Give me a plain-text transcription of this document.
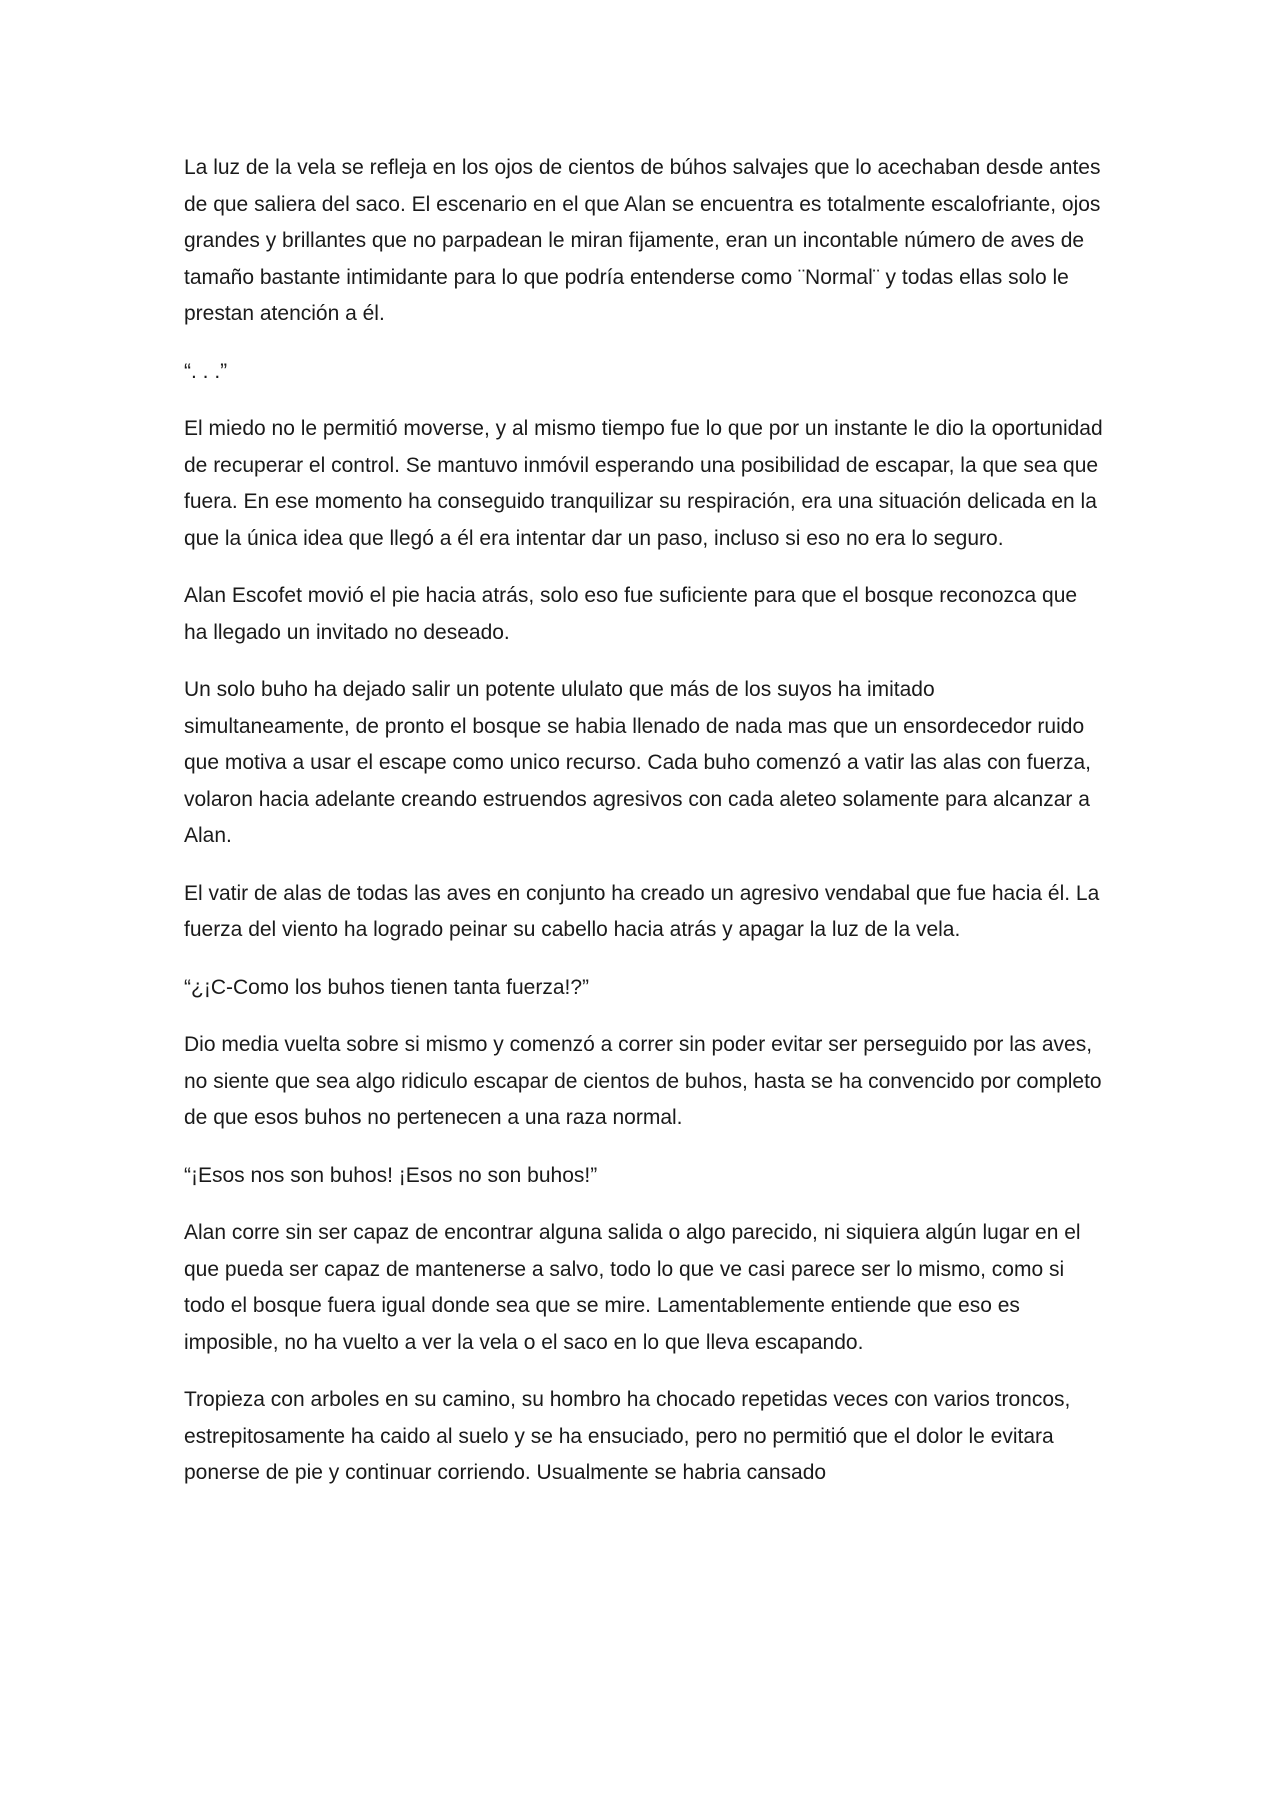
La luz de la vela se refleja en los ojos de cientos de búhos salvajes que lo acechaban desde antes de que saliera del saco. El escenario en el que Alan se encuentra es totalmente escalofriante, ojos grandes y brillantes que no parpadean le miran fijamente, eran un incontable número de aves de tamaño bastante intimidante para lo que podría entenderse como ¨Normal¨ y todas ellas solo le prestan atención a él.

“. . .”

El miedo no le permitió moverse, y al mismo tiempo fue lo que por un instante le dio la oportunidad de recuperar el control. Se mantuvo inmóvil esperando una posibilidad de escapar, la que sea que fuera. En ese momento ha conseguido tranquilizar su respiración, era una situación delicada en la que la única idea que llegó a él era intentar dar un paso, incluso si eso no era lo seguro.

Alan Escofet movió el pie hacia atrás, solo eso fue suficiente para que el bosque reconozca que ha llegado un invitado no deseado.

Un solo buho ha dejado salir un potente ululato que más de los suyos ha imitado simultaneamente, de pronto el bosque se habia llenado de nada mas que un ensordecedor ruido que motiva a usar el escape como unico recurso. Cada buho comenzó a vatir las alas con fuerza, volaron hacia adelante creando estruendos agresivos con cada aleteo solamente para alcanzar a Alan.

El vatir de alas de todas las aves en conjunto ha creado un agresivo vendabal que fue hacia él. La fuerza del viento ha logrado peinar su cabello hacia atrás y apagar la luz de la vela.

“¿¡C-Como los buhos tienen tanta fuerza!?”

Dio media vuelta sobre si mismo y comenzó a correr sin poder evitar ser perseguido por las aves, no siente que sea algo ridiculo escapar de cientos de buhos, hasta se ha convencido por completo de que esos buhos no pertenecen a una raza normal.

“¡Esos nos son buhos! ¡Esos no son buhos!”

Alan corre sin ser capaz de encontrar alguna salida o algo parecido, ni siquiera algún lugar en el que pueda ser capaz de mantenerse a salvo, todo lo que ve casi parece ser lo mismo, como si todo el bosque fuera igual donde sea que se mire. Lamentablemente entiende que eso es imposible, no ha vuelto a ver la vela o el saco en lo que lleva escapando.

Tropieza con arboles en su camino, su hombro ha chocado repetidas veces con varios troncos, estrepitosamente ha caido al suelo y se ha ensuciado, pero no permitió que el dolor le evitara ponerse de pie y continuar corriendo. Usualmente se habria cansado
